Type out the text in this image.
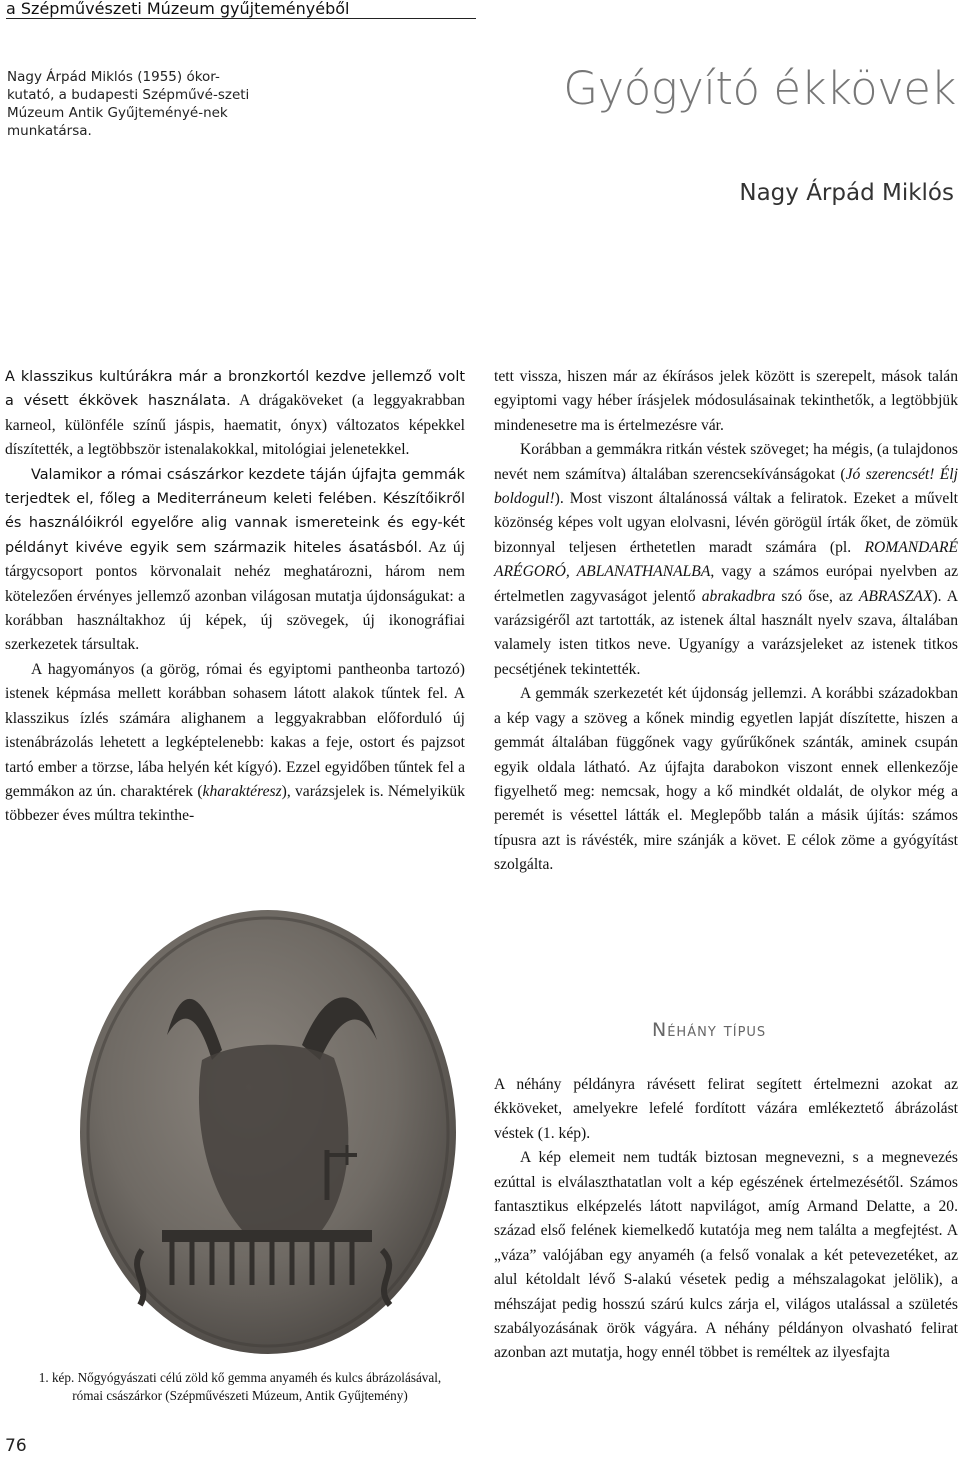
a Szépművészeti Múzeum gyűjteményéből
Nagy Árpád Miklós (1955) ókor-kutató, a budapesti Szépművé-szeti Múzeum Antik Gyűjteményé-nek munkatársa.
Gyógyító ékkövek
Nagy Árpád Miklós

A klasszikus kultúrákra már a bronzkortól kezdve jellemző volt a vésett ékkövek használata. A drágaköveket (a leggyakrabban karneol, különféle színű jáspis, haematit, ónyx) változatos képekkel díszítették, a legtöbbször istenalakokkal, mitológiai jelenetekkel.

Valamikor a római császárkor kezdete táján újfajta gemmák terjedtek el, főleg a Mediterráneum keleti felében. Készítőikről és használóikról egyelőre alig vannak ismereteink és egy-két példányt kivéve egyik sem származik hiteles ásatásból. Az új tárgycsoport pontos körvonalait nehéz meghatározni, három nem kötelezően érvényes jellemző azonban világosan mutatja újdonságukat: a korábban használtakhoz új képek, új szövegek, új ikonográfiai szerkezetek társultak.

A hagyományos (a görög, római és egyiptomi pantheonba tartozó) istenek képmása mellett korábban sohasem látott alakok tűntek fel. A klasszikus ízlés számára alighanem a leggyakrabban előforduló új istenábrázolás lehetett a legképtelenebb: kakas a feje, ostort és pajzsot tartó ember a törzse, lába helyén két kígyó). Ezzel egyidőben tűntek fel a gemmákon az ún. charaktérek (kharaktéresz), varázsjelek is. Némelyikük többezer éves múltra tekinthe-

tett vissza, hiszen már az ékírásos jelek között is szerepelt, mások talán egyiptomi vagy héber írásjelek módosulásainak tekinthetők, a legtöbbjük mindenesetre ma is értelmezésre vár.

Korábban a gemmákra ritkán véstek szöveget; ha mégis, (a tulajdonos nevét nem számítva) általában szerencsekívánságokat (Jó szerencsét! Élj boldogul!). Most viszont általánossá váltak a feliratok. Ezeket a művelt közönség képes volt ugyan elolvasni, lévén görögül írták őket, de zömük bizonnyal teljesen érthetetlen maradt számára (pl. ROMANDARÉ ARÉGORÓ, ABLANATHANALBA, vagy a számos európai nyelvben az értelmetlen zagyvaságot jelentő abrakadbra szó őse, az ABRASZAX). A varázsigéről azt tartották, az istenek által használt nyelv szava, általában valamely isten titkos neve. Ugyanígy a varázsjeleket az istenek titkos pecsétjének tekintették.

A gemmák szerkezetét két újdonság jellemzi. A korábbi századokban a kép vagy a szöveg a kőnek mindig egyetlen lapját díszítette, hiszen a gemmát általában függőnek vagy gyűrűkőnek szánták, aminek csupán egyik oldala látható. Az újfajta darabokon viszont ennek ellenkezője figyelhető meg: nemcsak, hogy a kő mindkét oldalát, de olykor még a peremét is vésettel látták el. Meglepőbb talán a másik újítás: számos típusra azt is rávésték, mire szánják a követ. E célok zöme a gyógyítást szolgálta.

Néhány típus

A néhány példányra rávésett felirat segített értelmezni azokat az ékköveket, amelyekre lefelé fordított vázára emlékeztető ábrázolást véstek (1. kép).

A kép elemeit nem tudták biztosan megnevezni, s a megnevezés ezúttal is elválaszthatatlan volt a kép egészének értelmezésétől. Számos fantasztikus elképzelés látott napvilágot, amíg Armand Delatte, a 20. század első felének kiemelkedő kutatója meg nem találta a megfejtést. A „váza” valójában egy anyaméh (a felső vonalak a két petevezetéket, az alul kétoldalt lévő S-alakú vésetek pedig a méhszalagokat jelölik), a méhszájat pedig hosszú szárú kulcs zárja el, világos utalással a születés szabályozásának örök vágyára. A néhány példányon olvasható felirat azonban azt mutatja, hogy ennél többet is reméltek az ilyesfajta

1. kép. Nőgyógyászati célú zöld kő gemma anyaméh és kulcs ábrázolásával,
római császárkor (Szépművészeti Múzeum, Antik Gyűjtemény)
76
